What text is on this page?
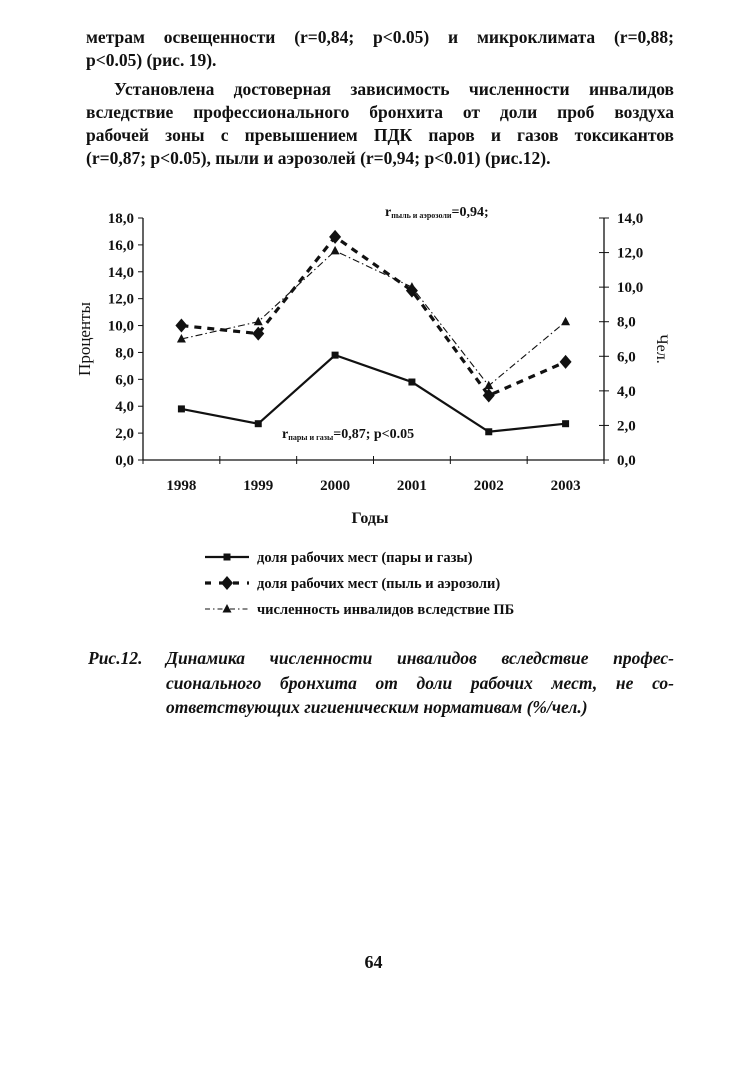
метрам освещенности (r=0,84; p<0.05) и микроклимата (r=0,88;
p<0.05) (рис. 19).
Установлена достоверная зависимость численности инвалидов
вследствие профессионального бронхита от доли проб воздуха
рабочей зоны с превышением ПДК паров и газов токсикантов
(r=0,87; p<0.05), пыли и аэрозолей (r=0,94; p<0.01) (рис.12).
0,0
2,0
4,0
6,0
8,0
10,0
12,0
14,0
16,0
18,0
0,0
2,0
4,0
6,0
8,0
10,0
12,0
14,0
1998	1999	2000	2001	2002	2003
Годы
Проценты	Чел.
rпыль и аэрозоли=0,94;
rпары и газы=0,87; p<0.05
доля рабочих мест (пары и газы)
доля рабочих мест (пыль и аэрозоли)
численность инвалидов вследствие ПБ
Рис.12. Динамика численности инвалидов вследствие профес-
сионального бронхита от доли рабочих мест, не со-
ответствующих гигиеническим нормативам (%/чел.)
64
